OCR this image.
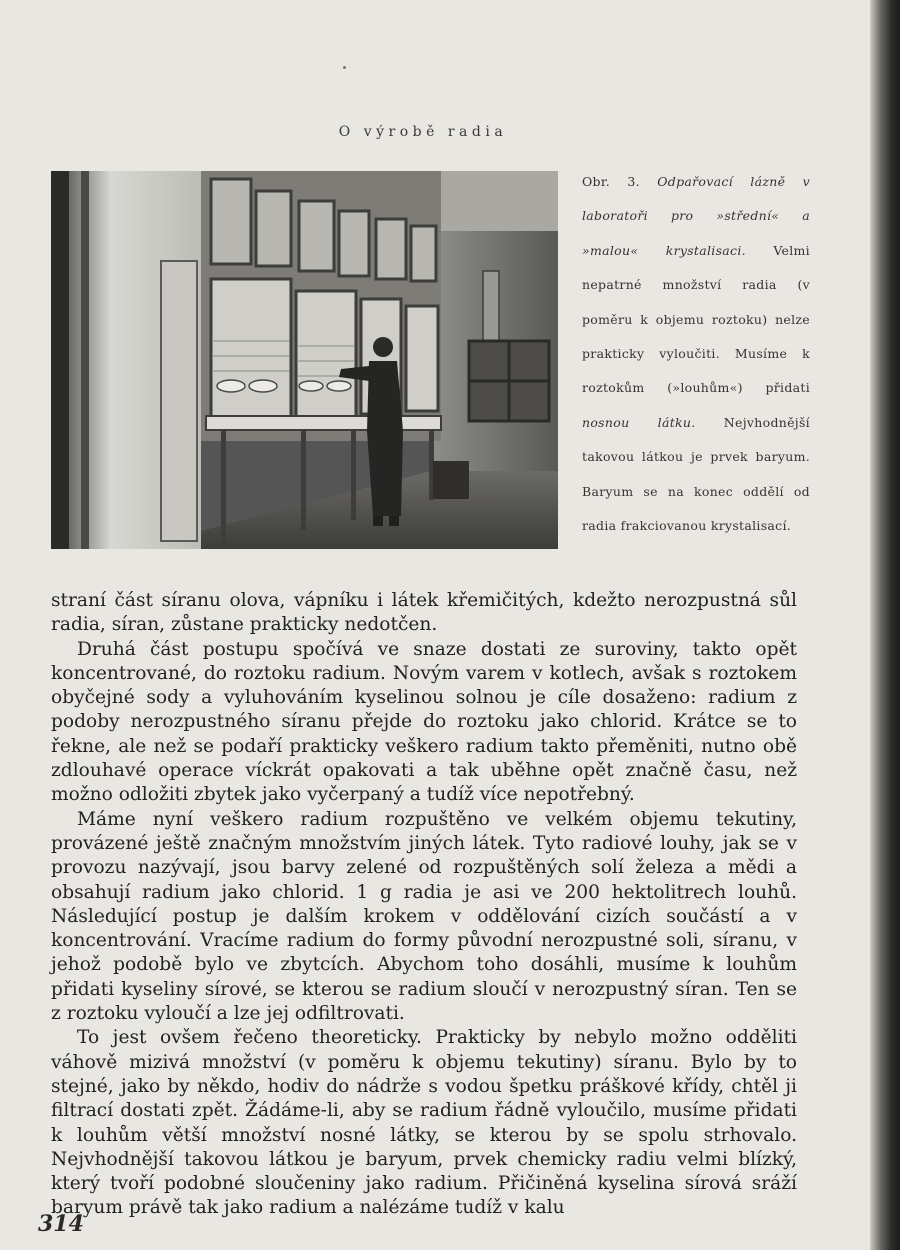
O výrobě radia
Obr. 3. Odpařovací lázně v laboratoři pro »střední« a »malou« krystalisaci. Velmi nepatrné množství radia (v poměru k objemu roztoku) nelze prakticky vyloučiti. Musíme k roztokům (»louhům«) přidati nosnou látku. Nejvhodnější takovou látkou je prvek baryum. Baryum se na konec oddělí od radia frakciovanou krystalisací.

straní část síranu olova, vápníku i látek křemičitých, kdežto nerozpustná sůl radia, síran, zůstane prakticky nedotčen.

Druhá část postupu spočívá ve snaze dostati ze suroviny, takto opět koncentrované, do roztoku radium. Novým varem v kotlech, avšak s roztokem obyčejné sody a vyluhováním kyselinou solnou je cíle dosaženo: radium z podoby nerozpustného síranu přejde do roztoku jako chlorid. Krátce se to řekne, ale než se podaří prakticky veškero radium takto přeměniti, nutno obě zdlouhavé operace víckrát opakovati a tak uběhne opět značně času, než možno odložiti zbytek jako vyčerpaný a tudíž více nepotřebný.

Máme nyní veškero radium rozpuštěno ve velkém objemu tekutiny, provázené ještě značným množstvím jiných látek. Tyto radiové louhy, jak se v provozu nazývají, jsou barvy zelené od rozpuštěných solí železa a mědi a obsahují radium jako chlorid. 1 g radia je asi ve 200 hektolitrech louhů. Následující postup je dalším krokem v oddělování cizích součástí a v koncentrování. Vracíme radium do formy původní nerozpustné soli, síranu, v jehož podobě bylo ve zbytcích. Abychom toho dosáhli, musíme k louhům přidati kyseliny sírové, se kterou se radium sloučí v nerozpustný síran. Ten se z roztoku vyloučí a lze jej odfiltrovati.

To jest ovšem řečeno theoreticky. Prakticky by nebylo možno odděliti váhově mizivá množství (v poměru k objemu tekutiny) síranu. Bylo by to stejné, jako by někdo, hodiv do nádrže s vodou špetku práškové křídy, chtěl ji filtrací dostati zpět. Žádáme-li, aby se radium řádně vyloučilo, musíme přidati k louhům větší množství nosné látky, se kterou by se spolu strhovalo. Nejvhodnější takovou látkou je baryum, prvek chemicky radiu velmi blízký, který tvoří podobné sloučeniny jako radium. Přičiněná kyselina sírová sráží baryum právě tak jako radium a nalézáme tudíž v kalu

314
